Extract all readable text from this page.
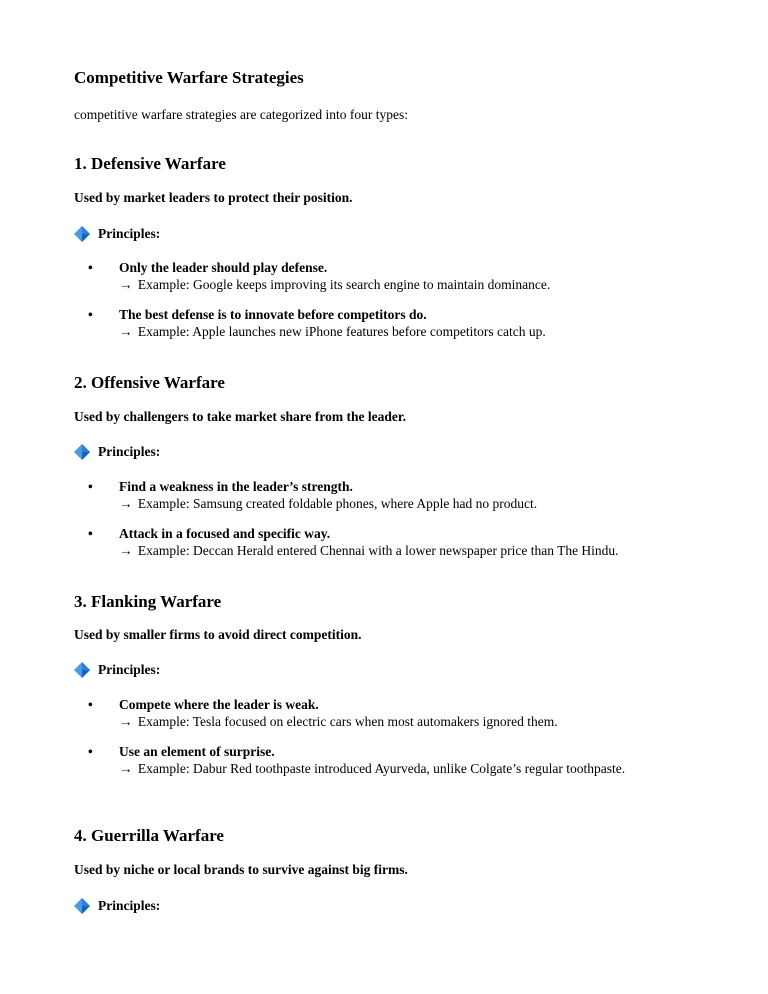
Competitive Warfare Strategies
competitive warfare strategies are categorized into four types:
1. Defensive Warfare
Used by market leaders to protect their position.
Principles:
• Only the leader should play defense.
→ Example: Google keeps improving its search engine to maintain dominance.
• The best defense is to innovate before competitors do.
→ Example: Apple launches new iPhone features before competitors catch up.
2. Offensive Warfare
Used by challengers to take market share from the leader.
Principles:
• Find a weakness in the leader’s strength.
→ Example: Samsung created foldable phones, where Apple had no product.
• Attack in a focused and specific way.
→ Example: Deccan Herald entered Chennai with a lower newspaper price than The Hindu.
3. Flanking Warfare
Used by smaller firms to avoid direct competition.
Principles:
• Compete where the leader is weak.
→ Example: Tesla focused on electric cars when most automakers ignored them.
• Use an element of surprise.
→ Example: Dabur Red toothpaste introduced Ayurveda, unlike Colgate’s regular toothpaste.
4. Guerrilla Warfare
Used by niche or local brands to survive against big firms.
Principles:
